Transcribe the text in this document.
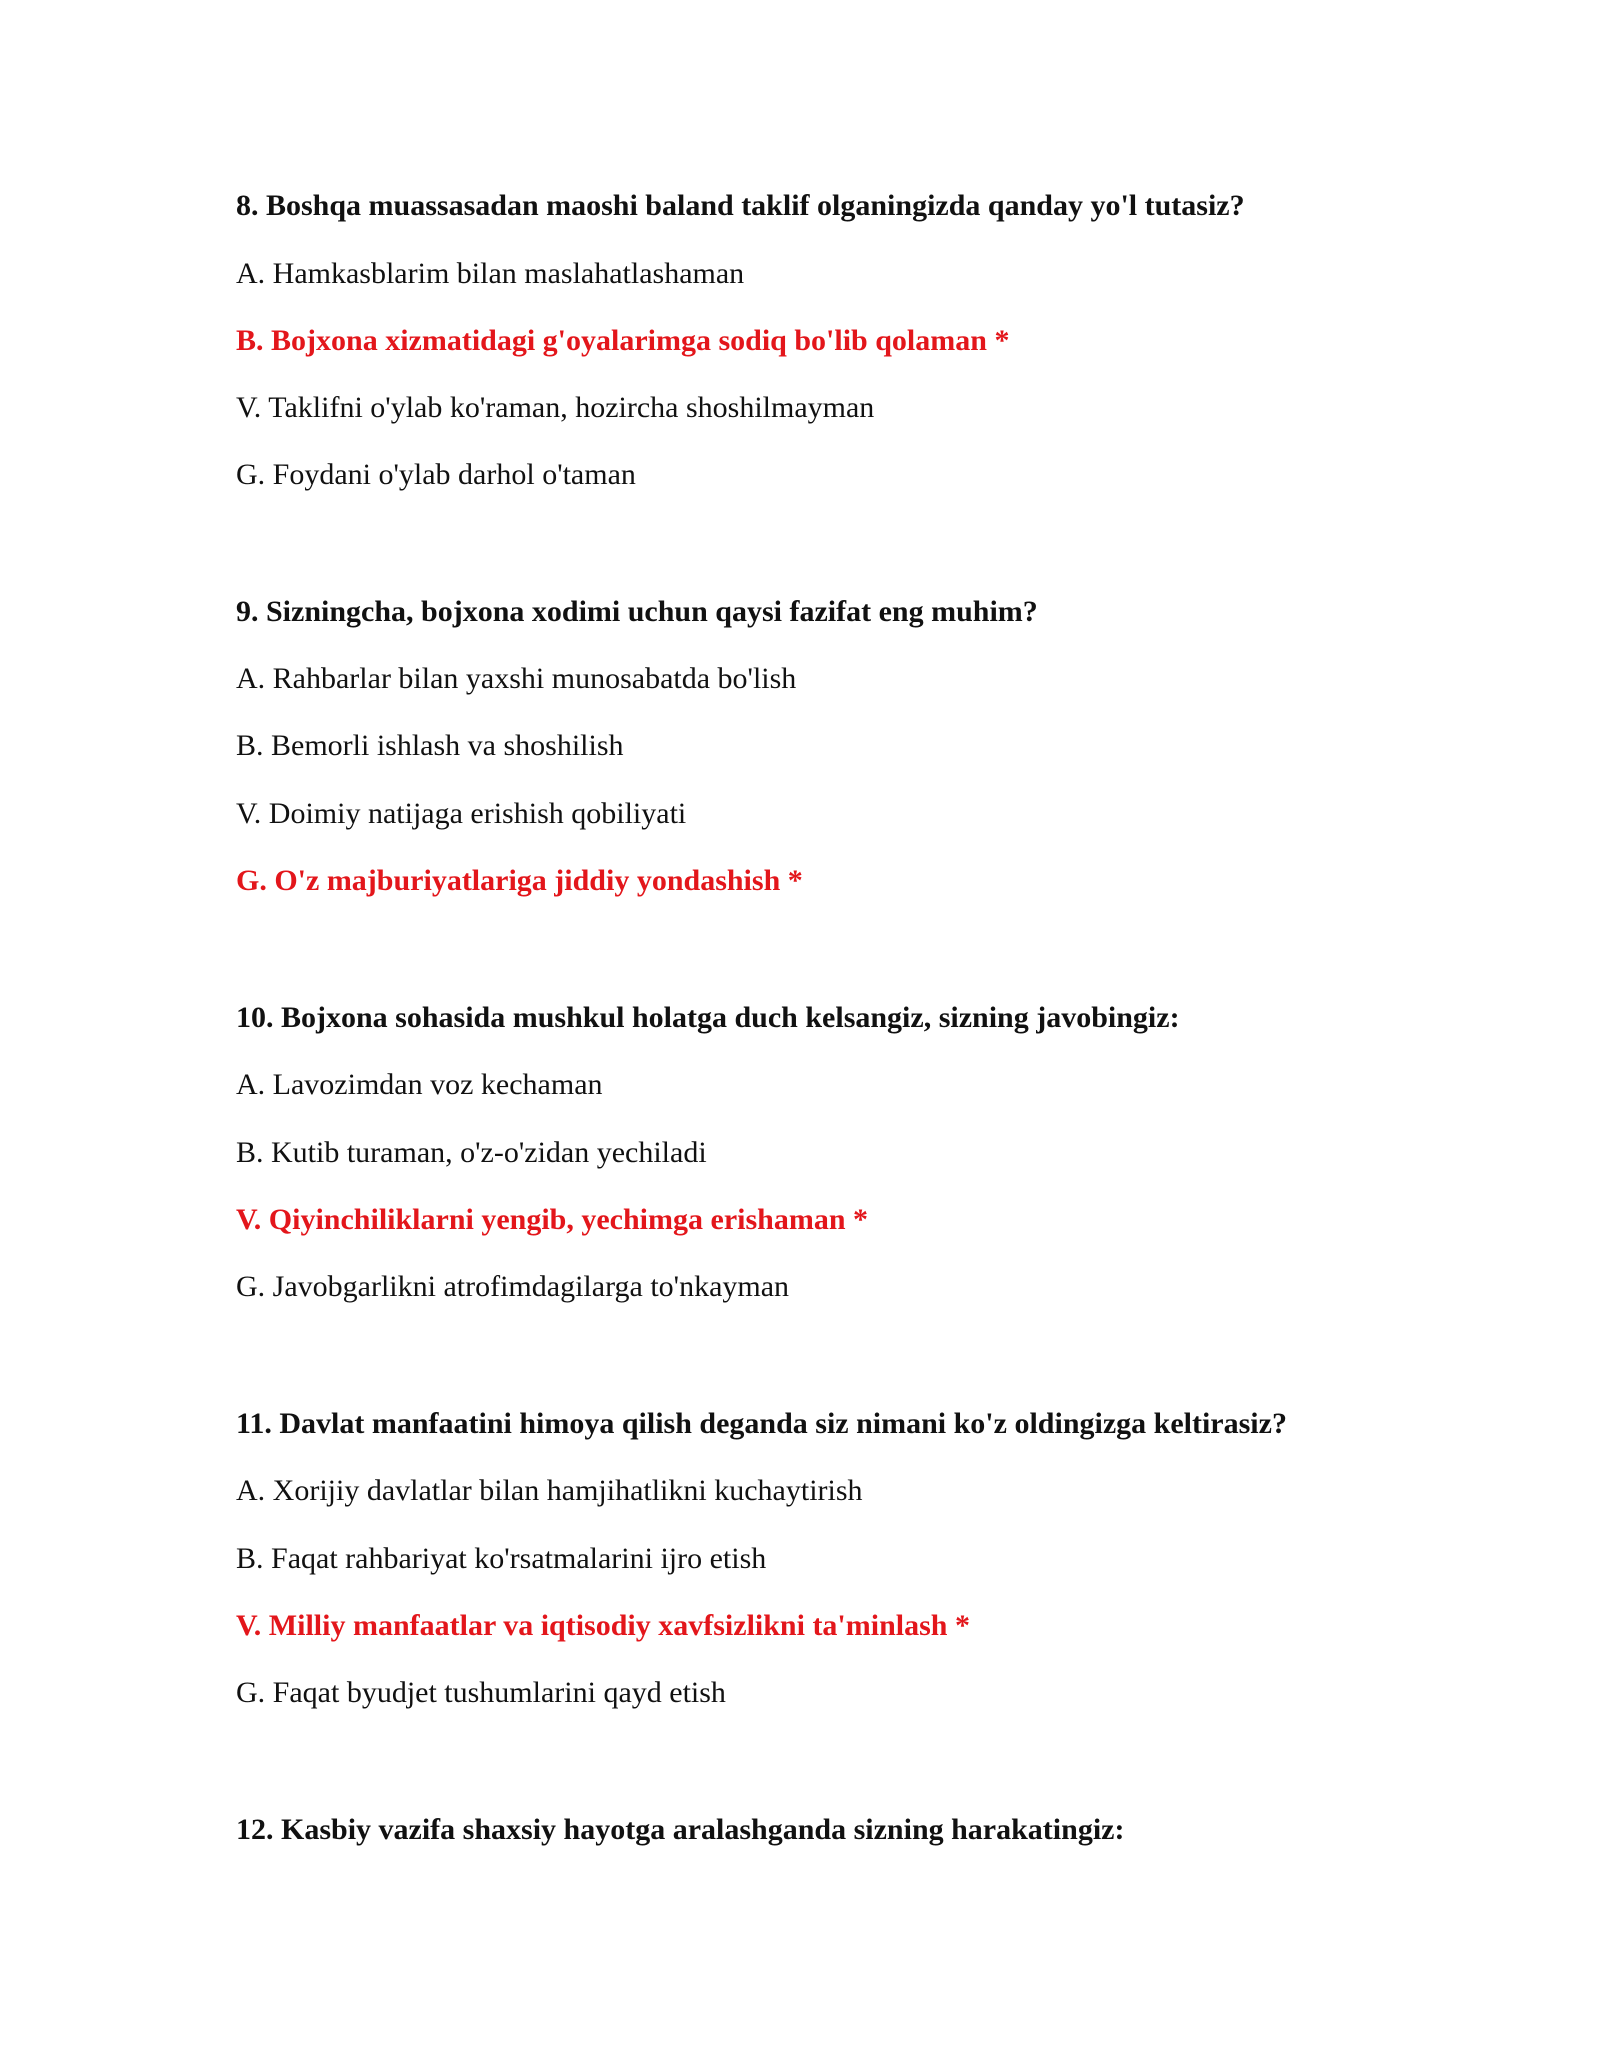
8. Boshqa muassasadan maoshi baland taklif olganingizda qanday yo'l tutasiz?
A. Hamkasblarim bilan maslahatlashaman
B. Bojxona xizmatidagi g'oyalarimga sodiq bo'lib qolaman *
V. Taklifni o'ylab ko'raman, hozircha shoshilmayman
G. Foydani o'ylab darhol o'taman
9. Sizningcha, bojxona xodimi uchun qaysi fazifat eng muhim?
A. Rahbarlar bilan yaxshi munosabatda bo'lish
B. Bemorli ishlash va shoshilish
V. Doimiy natijaga erishish qobiliyati
G. O'z majburiyatlariga jiddiy yondashish *
10. Bojxona sohasida mushkul holatga duch kelsangiz, sizning javobingiz:
A. Lavozimdan voz kechaman
B. Kutib turaman, o'z-o'zidan yechiladi
V. Qiyinchiliklarni yengib, yechimga erishaman *
G. Javobgarlikni atrofimdagilarga to'nkayman
11. Davlat manfaatini himoya qilish deganda siz nimani ko'z oldingizga keltirasiz?
A. Xorijiy davlatlar bilan hamjihatlikni kuchaytirish
B. Faqat rahbariyat ko'rsatmalarini ijro etish
V. Milliy manfaatlar va iqtisodiy xavfsizlikni ta'minlash *
G. Faqat byudjet tushumlarini qayd etish
12. Kasbiy vazifa shaxsiy hayotga aralashganda sizning harakatingiz:
